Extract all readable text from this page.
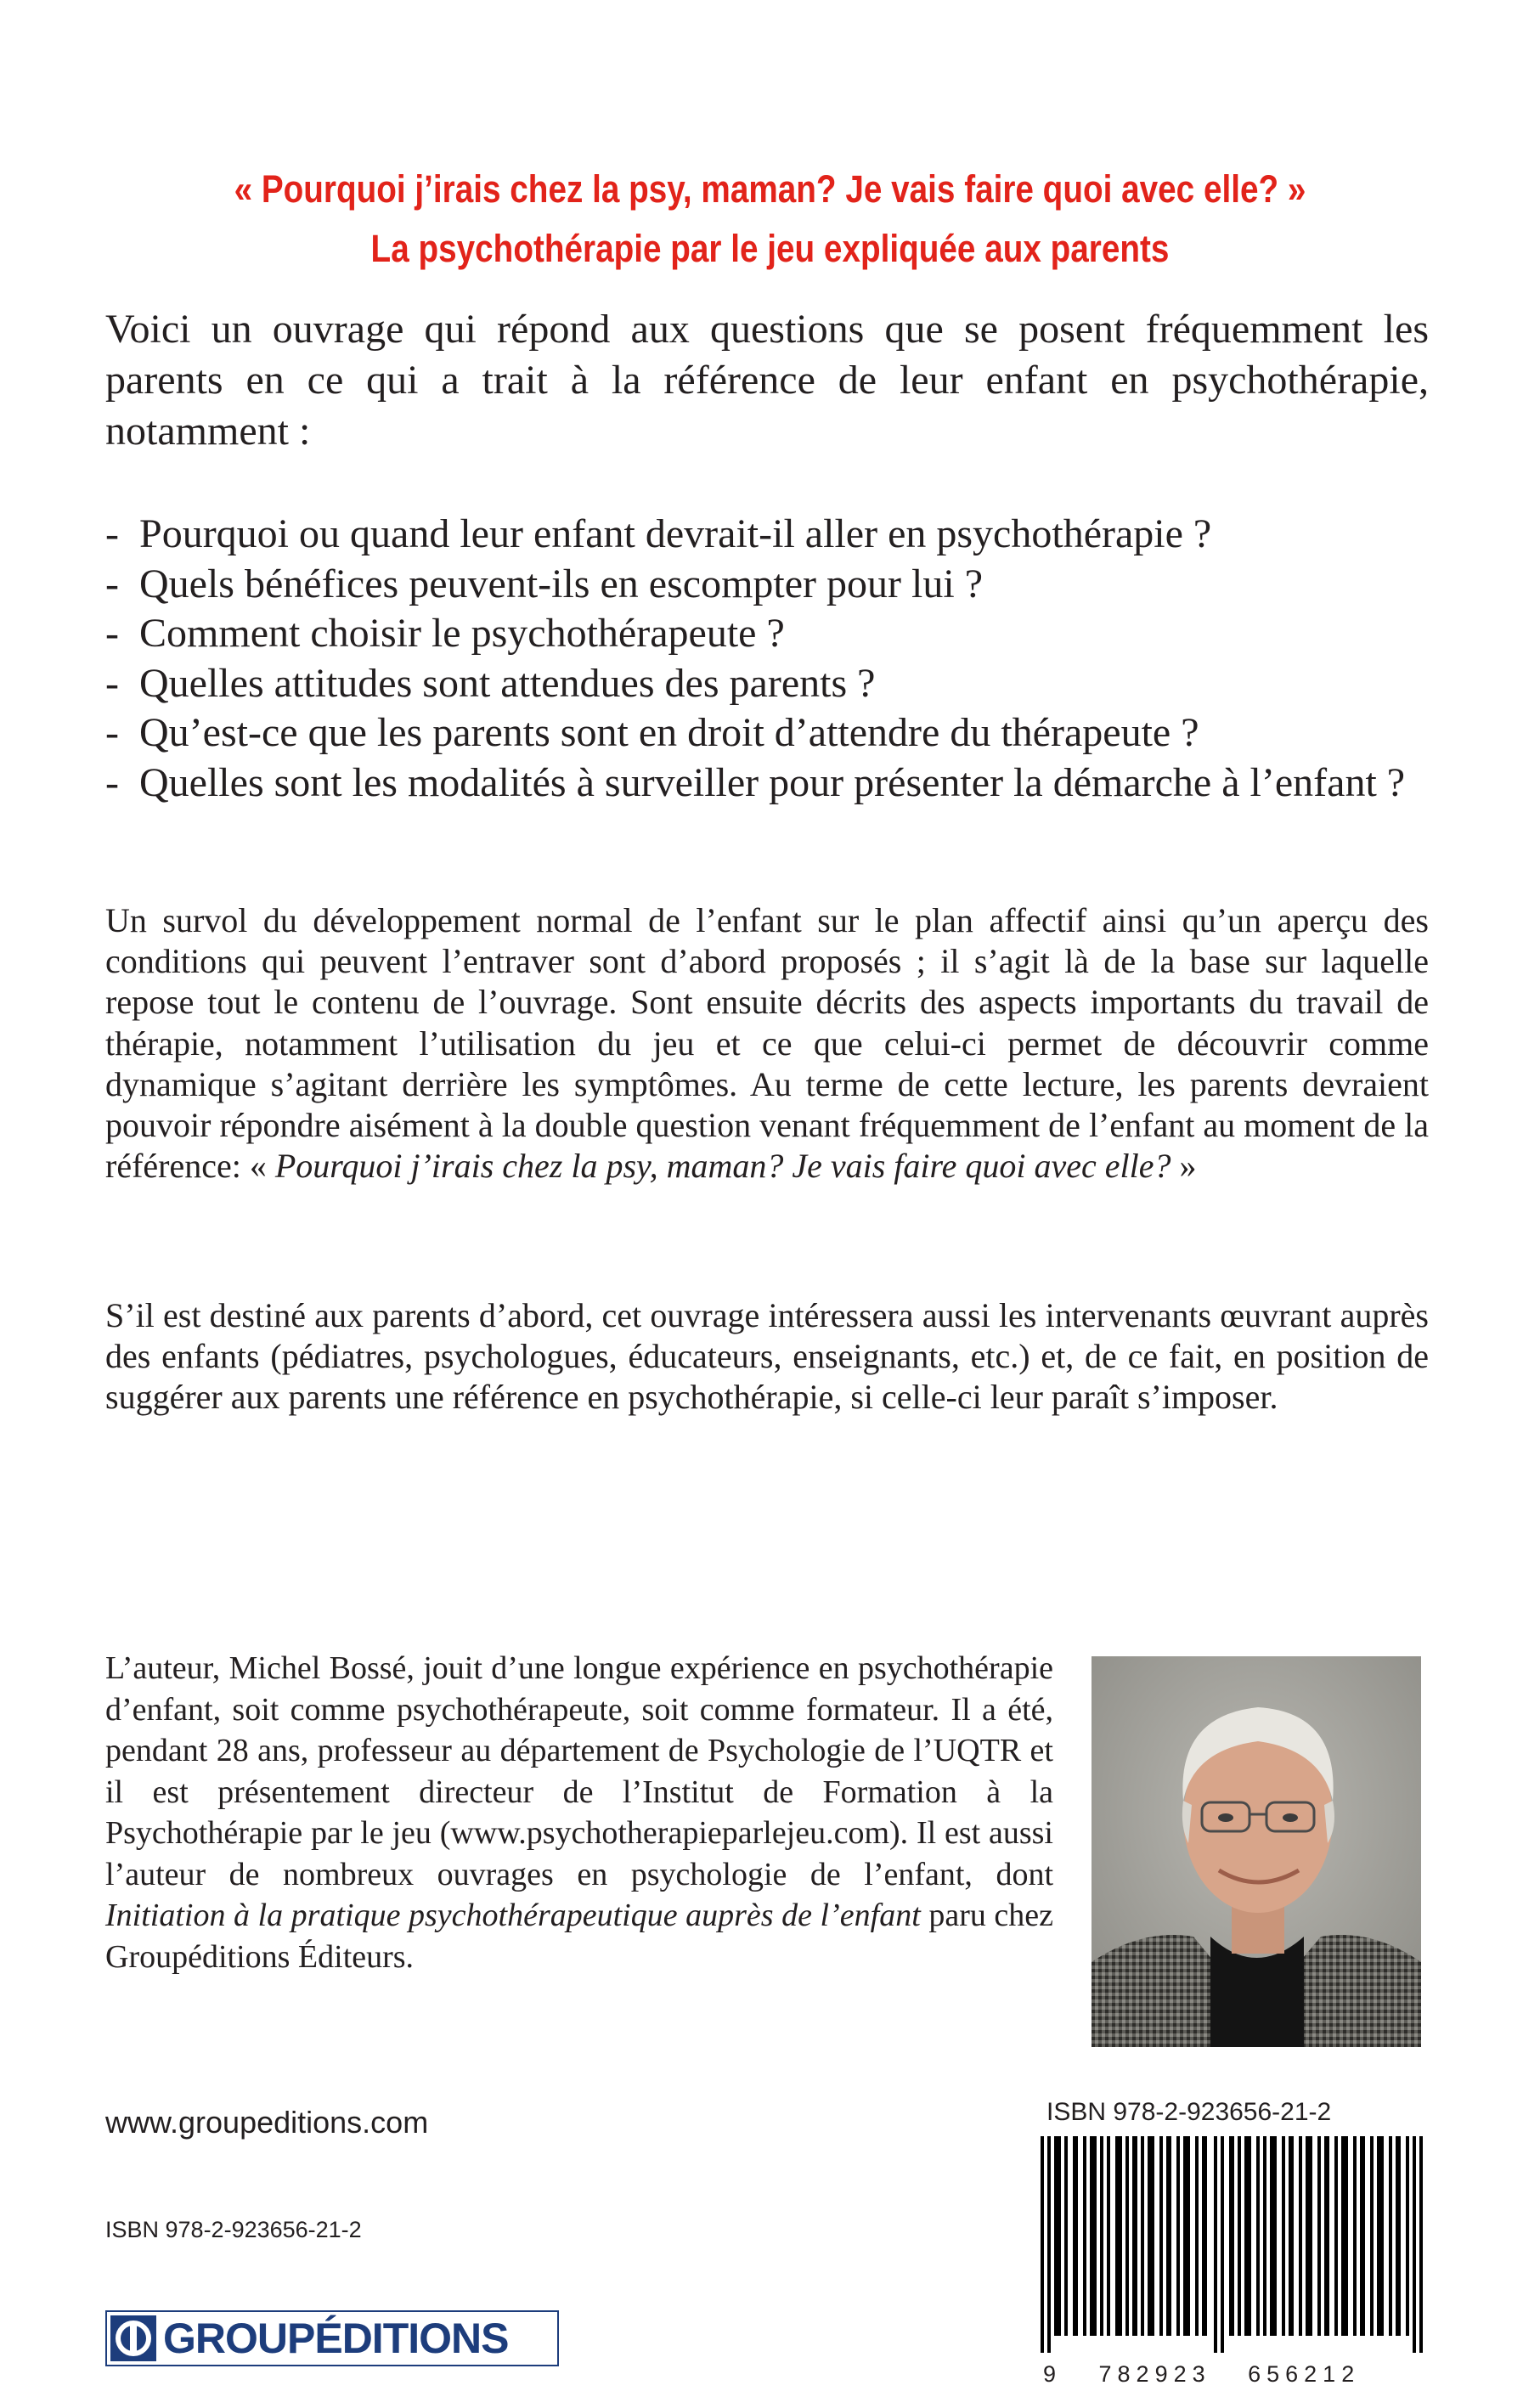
« Pourquoi j’irais chez la psy, maman? Je vais faire quoi avec elle? »
La psychothérapie par le jeu expliquée aux parents
Voici un ouvrage qui répond aux questions que se posent fréquemment les parents en ce qui a trait à la référence de leur enfant en psychothérapie, notamment :
- Pourquoi ou quand leur enfant devrait-il aller en psychothérapie ?
- Quels bénéfices peuvent-ils en escompter pour lui ?
- Comment choisir le psychothérapeute ?
- Quelles attitudes sont attendues des parents ?
- Qu’est-ce que les parents sont en droit d’attendre du thérapeute ?
- Quelles sont les modalités à surveiller pour présenter la démarche à l’enfant ?
Un survol du développement normal de l’enfant sur le plan affectif ainsi qu’un aperçu des conditions qui peuvent l’entraver sont d’abord proposés ; il s’agit là de la base sur laquelle repose tout le contenu de l’ouvrage. Sont ensuite décrits des aspects importants du travail de thérapie, notamment l’utilisation du jeu et ce que celui-ci permet de découvrir comme dynamique s’agitant derrière les symptômes. Au terme de cette lecture, les parents devraient pouvoir répondre aisément à la double question venant fréquemment de l’enfant au moment de la référence: « Pourquoi j’irais chez la psy, maman? Je vais faire quoi avec elle? »
S’il est destiné aux parents d’abord, cet ouvrage intéressera aussi les intervenants œuvrant auprès des enfants (pédiatres, psychologues, éducateurs, enseignants, etc.) et, de ce fait, en position de suggérer aux parents une référence en psychothérapie, si celle-ci leur paraît s’imposer.
L’auteur, Michel Bossé, jouit d’une longue expérience en psychothérapie d’enfant, soit comme psychothérapeute, soit comme formateur. Il a été, pendant 28 ans, professeur au département de Psychologie de l’UQTR et il est présentement directeur de l’Institut de Formation à la Psychothérapie par le jeu (www.psychotherapieparlejeu.com). Il est aussi l’auteur de nombreux ouvrages en psychologie de l’enfant, dont Initiation à la pratique psychothérapeutique auprès de l’enfant paru chez Groupéditions Éditeurs.
www.groupeditions.com
ISBN 978-2-923656-21-2
GROUPÉDITIONS
ISBN 978-2-923656-21-2
9   782923   656212
